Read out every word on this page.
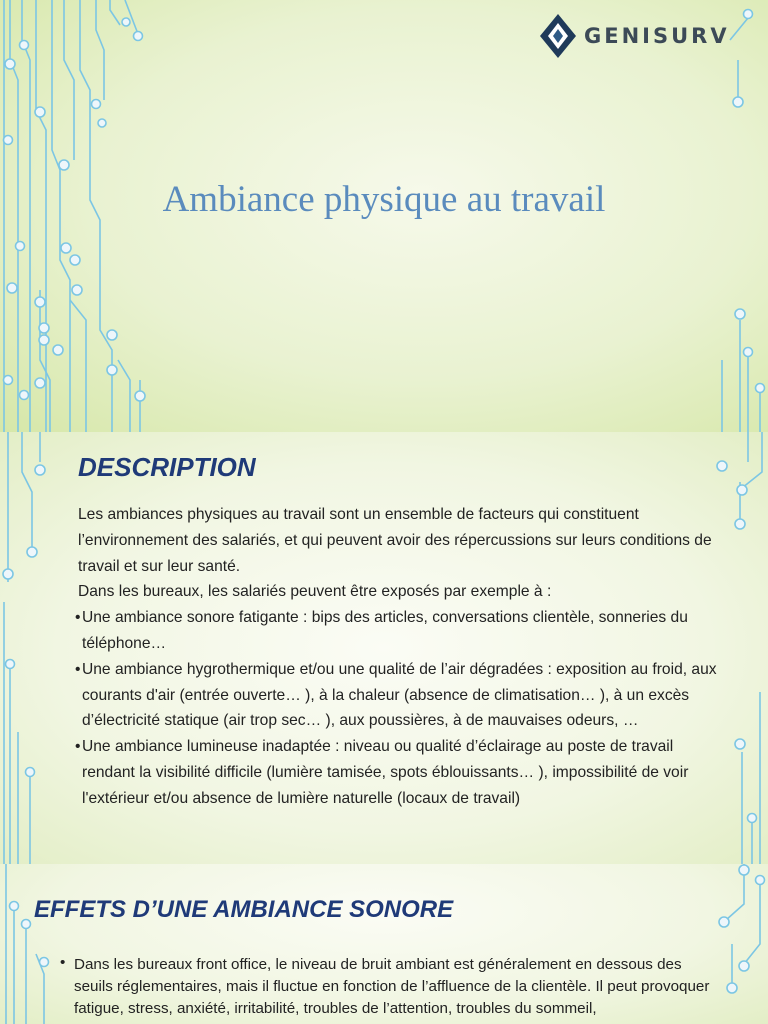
GENISURV
Ambiance physique au travail
DESCRIPTION

Les ambiances physiques au travail sont un ensemble de facteurs qui constituent l’environnement des salariés, et qui peuvent avoir des répercussions sur leurs conditions de travail et sur leur santé.

Dans les bureaux, les salariés peuvent être exposés par exemple à :

• Une ambiance sonore fatigante : bips des articles, conversations clientèle, sonneries du téléphone…
• Une ambiance hygrothermique et/ou une qualité de l’air dégradées : exposition au froid, aux courants d'air (entrée ouverte… ), à la chaleur (absence de climatisation… ), à un excès d’électricité statique (air trop sec… ), aux poussières, à de mauvaises odeurs, …
• Une ambiance lumineuse inadaptée : niveau ou qualité d’éclairage au poste de travail rendant la visibilité difficile (lumière tamisée, spots éblouissants… ), impossibilité de voir l'extérieur et/ou absence de lumière naturelle (locaux de travail)
EFFETS D’UNE AMBIANCE SONORE
• Dans les bureaux front office, le niveau de bruit ambiant est généralement en dessous des seuils réglementaires, mais il fluctue en fonction de l’affluence de la clientèle. Il peut provoquer fatigue, stress, anxiété, irritabilité, troubles de l’attention, troubles du sommeil,
